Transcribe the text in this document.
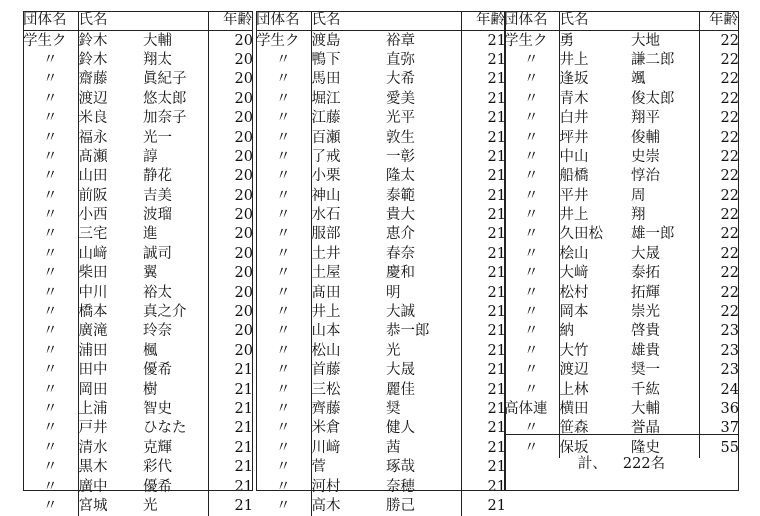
団体名	氏名		年齢
学生ク	鈴木	大輔	20
〃	鈴木	翔太	20
〃	齋藤	眞紀子	20
〃	渡辺	悠太郎	20
〃	米良	加奈子	20
〃	福永	光一	20
〃	髙瀬	諄	20
〃	山田	静花	20
〃	前阪	吉美	20
〃	小西	波瑠	20
〃	三宅	進	20
〃	山﨑	誠司	20
〃	柴田	翼	20
〃	中川	裕太	20
〃	橋本	真之介	20
〃	廣滝	玲奈	20
〃	浦田	楓	20
〃	田中	優希	21
〃	岡田	樹	21
〃	上浦	智史	21
〃	戸井	ひなた	21
〃	清水	克輝	21
〃	黒木	彩代	21
〃	廣中	優希	21
〃	宮城	光	21
団体名	氏名		年齢
学生ク	渡島	裕章	21
〃	鴨下	直弥	21
〃	馬田	大希	21
〃	堀江	愛美	21
〃	江藤	光平	21
〃	百瀬	敦生	21
〃	了戒	一彰	21
〃	小栗	隆太	21
〃	神山	泰範	21
〃	水石	貴大	21
〃	服部	恵介	21
〃	土井	春奈	21
〃	土屋	慶和	21
〃	髙田	明	21
〃	井上	大誠	21
〃	山本	恭一郎	21
〃	松山	光	21
〃	首藤	大晟	21
〃	三松	麗佳	21
〃	齊藤	奨	21
〃	米倉	健人	21
〃	川﨑	茜	21
〃	菅	琢哉	21
〃	河村	奈穂	21
〃	高木	勝己	21
団体名	氏名		年齢
学生ク	勇	大地	22
〃	井上	謙二郎	22
〃	逢坂	颯	22
〃	青木	俊太郎	22
〃	白井	翔平	22
〃	坪井	俊輔	22
〃	中山	史崇	22
〃	船橋	惇治	22
〃	平井	周	22
〃	井上	翔	22
〃	久田松	雄一郎	22
〃	桧山	大晟	22
〃	大﨑	泰拓	22
〃	松村	拓輝	22
〃	岡本	崇光	22
〃	納	啓貴	23
〃	大竹	雄貴	23
〃	渡辺	奨一	23
〃	上林	千紘	24
高体連	横田	大輔	36
〃	笹森	誉晶	37
〃	保坂	隆史	55
計、 222名
